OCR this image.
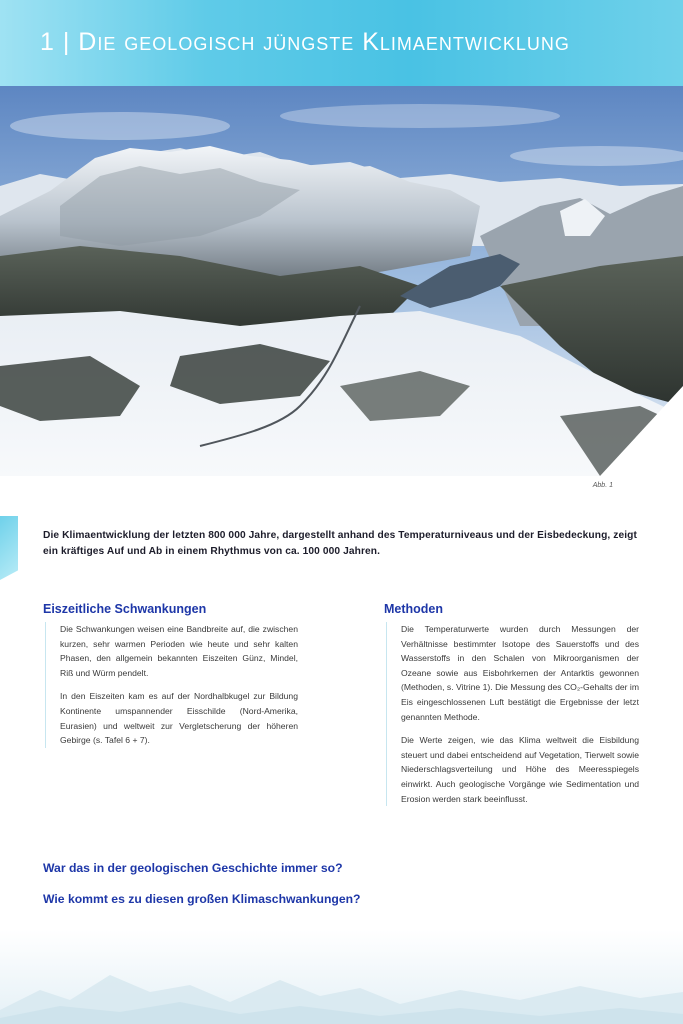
1 | Die geologisch jüngste Klimaentwicklung
Abb. 1
Die Klimaentwicklung der letzten 800 000 Jahre, dargestellt anhand des Temperaturniveaus und der Eisbedeckung, zeigt ein kräftiges Auf und Ab in einem Rhythmus von ca. 100 000 Jahren.
Eiszeitliche Schwankungen

Die Schwankungen weisen eine Bandbreite auf, die zwischen kurzen, sehr warmen Perioden wie heute und sehr kalten Phasen, den allgemein bekannten Eiszeiten Günz, Mindel, Riß und Würm pendelt.

In den Eiszeiten kam es auf der Nordhalbkugel zur Bildung Kontinente umspannender Eisschilde (Nord-Amerika, Eurasien) und weltweit zur Vergletscherung der höheren Gebirge (s. Tafel 6 + 7).

Methoden

Die Temperaturwerte wurden durch Messungen der Verhältnisse bestimmter Isotope des Sauerstoffs und des Wasserstoffs in den Schalen von Mikroorganismen der Ozeane sowie aus Eisbohrkernen der Antarktis gewonnen (Methoden, s. Vitrine 1). Die Messung des CO₂-Gehalts der im Eis eingeschlossenen Luft bestätigt die Ergebnisse der letzt genannten Methode.

Die Werte zeigen, wie das Klima weltweit die Eisbildung steuert und dabei entscheidend auf Vegetation, Tierwelt sowie Niederschlagsverteilung und Höhe des Meeresspiegels einwirkt. Auch geologische Vorgänge wie Sedimentation und Erosion werden stark beeinflusst.

War das in der geologischen Geschichte immer so?
Wie kommt es zu diesen großen Klimaschwankungen?
